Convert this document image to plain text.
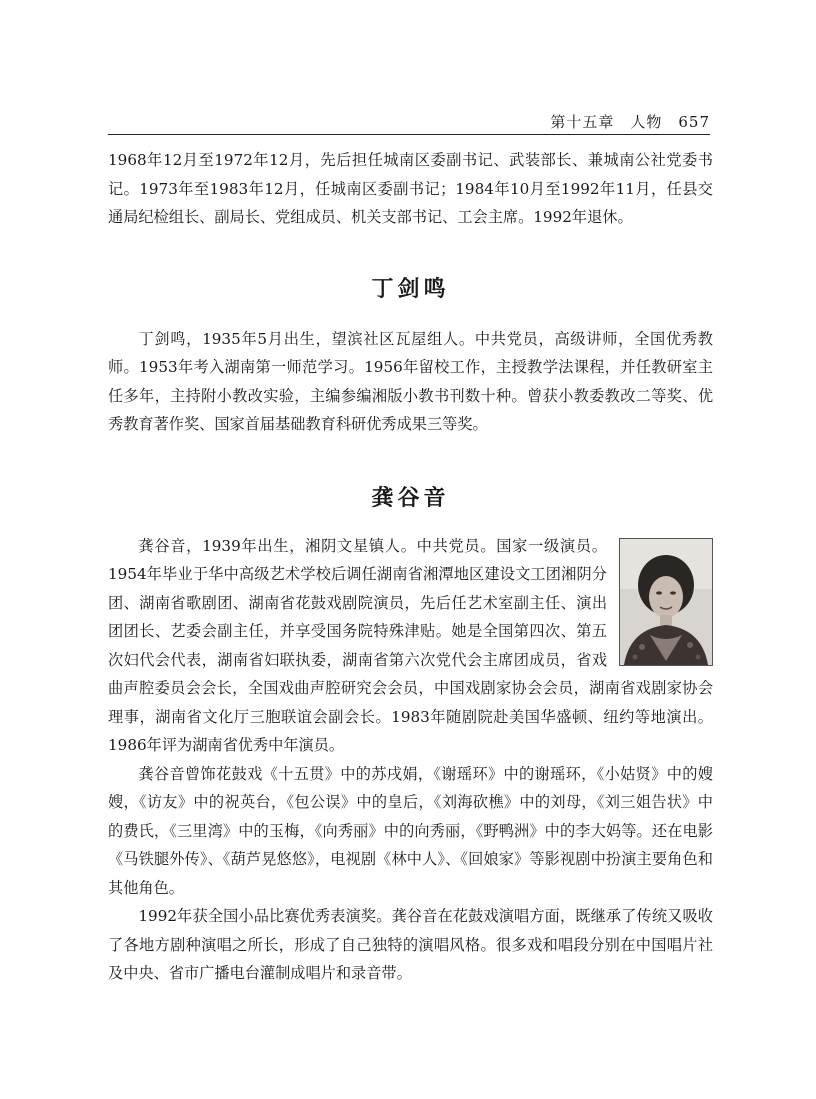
第十五章　人物　657

1968年12月至1972年12月，先后担任城南区委副书记、武装部长、兼城南公社党委书记。1973年至1983年12月，任城南区委副书记；1984年10月至1992年11月，任县交通局纪检组长、副局长、党组成员、机关支部书记、工会主席。1992年退休。

丁剑鸣

丁剑鸣，1935年5月出生，望滨社区瓦屋组人。中共党员，高级讲师，全国优秀教师。1953年考入湖南第一师范学习。1956年留校工作，主授教学法课程，并任教研室主任多年，主持附小教改实验，主编参编湘版小教书刊数十种。曾获小教委教改二等奖、优秀教育著作奖、国家首届基础教育科研优秀成果三等奖。

龚谷音

龚谷音，1939年出生，湘阴文星镇人。中共党员。国家一级演员。1954年毕业于华中高级艺术学校后调任湖南省湘潭地区建设文工团湘阴分团、湖南省歌剧团、湖南省花鼓戏剧院演员，先后任艺术室副主任、演出团团长、艺委会副主任，并享受国务院特殊津贴。她是全国第四次、第五次妇代会代表，湖南省妇联执委，湖南省第六次党代会主席团成员，省戏曲声腔委员会会长，全国戏曲声腔研究会会员，中国戏剧家协会会员，湖南省戏剧家协会理事，湖南省文化厅三胞联谊会副会长。1983年随剧院赴美国华盛顿、纽约等地演出。1986年评为湖南省优秀中年演员。

龚谷音曾饰花鼓戏《十五贯》中的苏戌娟，《谢瑶环》中的谢瑶环，《小姑贤》中的嫂嫂，《访友》中的祝英台，《包公误》中的皇后，《刘海砍樵》中的刘母，《刘三姐告状》中的费氏，《三里湾》中的玉梅，《向秀丽》中的向秀丽，《野鸭洲》中的李大妈等。还在电影《马铁腿外传》、《葫芦晃悠悠》，电视剧《林中人》、《回娘家》等影视剧中扮演主要角色和其他角色。

1992年获全国小品比赛优秀表演奖。龚谷音在花鼓戏演唱方面，既继承了传统又吸收了各地方剧种演唱之所长，形成了自己独特的演唱风格。很多戏和唱段分别在中国唱片社及中央、省市广播电台灌制成唱片和录音带。
